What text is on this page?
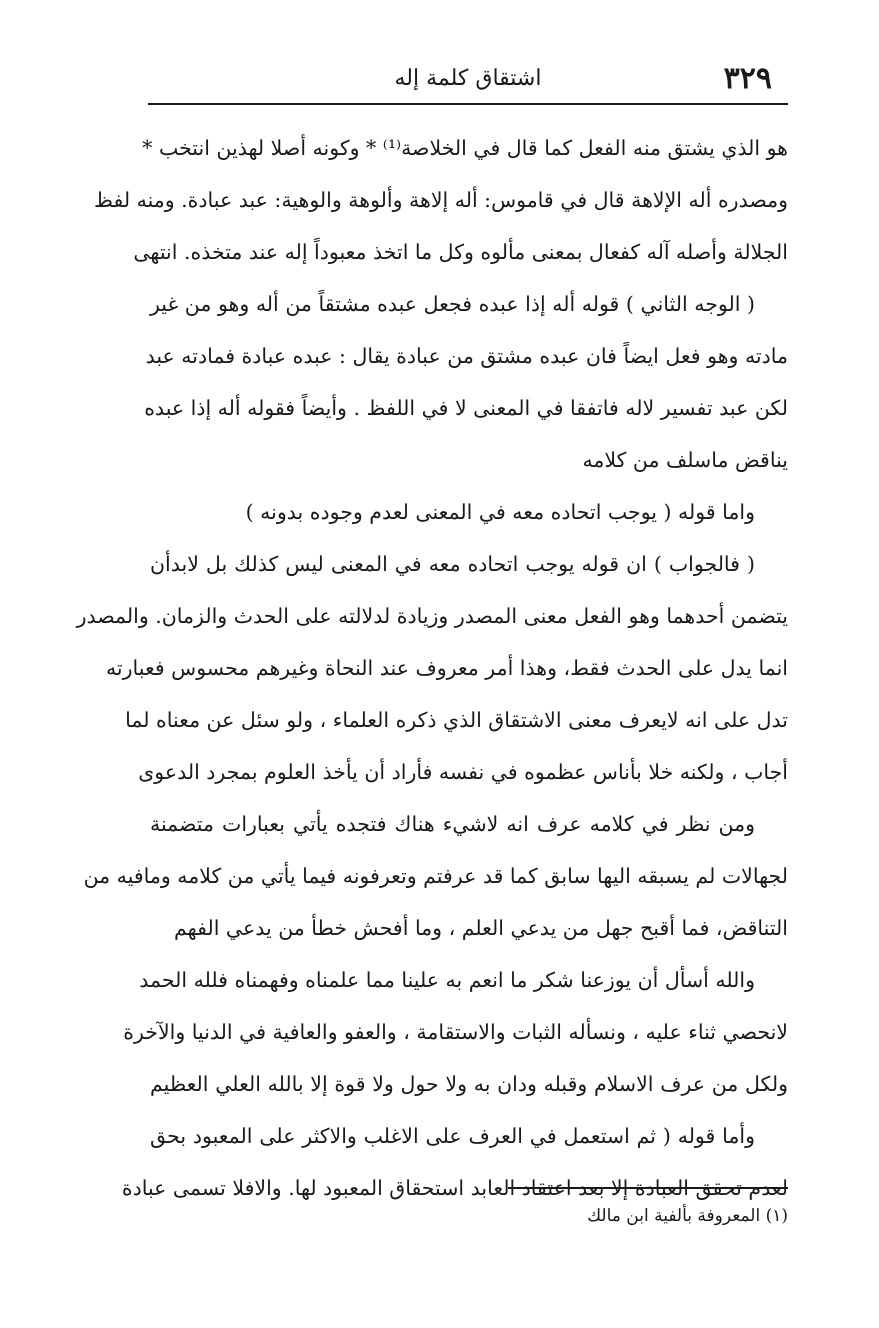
٣٢٩
اشتقاق كلمة إله
هو الذي يشتق منه الفعل كما قال في الخلاصة⁽¹⁾ * وكونه أصلا لهذين انتخب *
ومصدره أله الإلاهة قال في قاموس: أله إلاهة وألوهة والوهية: عبد عبادة. ومنه لفظ
الجلالة وأصله آله كفعال بمعنى مألوه وكل ما اتخذ معبوداً إله عند متخذه. انتهى
( الوجه الثاني ) قوله أله إذا عبده فجعل عبده مشتقاً من أله وهو من غير
مادته وهو فعل ايضاً فان عبده مشتق من عبادة يقال : عبده عبادة فمادته عبد
لكن عبد تفسير لاله فاتفقا في المعنى لا في اللفظ . وأيضاً فقوله أله إذا عبده
يناقض ماسلف من كلامه
واما قوله ( يوجب اتحاده معه في المعنى لعدم وجوده بدونه )
( فالجواب ) ان قوله يوجب اتحاده معه في المعنى ليس كذلك بل لابدأن
يتضمن أحدهما وهو الفعل معنى المصدر وزيادة لدلالته على الحدث والزمان. والمصدر
انما يدل على الحدث فقط، وهذا أمر معروف عند النحاة وغيرهم محسوس فعبارته
تدل على انه لايعرف معنى الاشتقاق الذي ذكره العلماء ، ولو سئل عن معناه لما
أجاب ، ولكنه خلا بأناس عظموه في نفسه فأراد أن يأخذ العلوم بمجرد الدعوى
ومن نظر في كلامه عرف انه لاشيء هناك فتجده يأتي بعبارات متضمنة
لجهالات لم يسبقه اليها سابق كما قد عرفتم وتعرفونه فيما يأتي من كلامه ومافيه من
التناقض، فما أقبح جهل من يدعي العلم ، وما أفحش خطأ من يدعي الفهم
والله أسأل أن يوزعنا شكر ما انعم به علينا مما علمناه وفهمناه فلله الحمد
لانحصي ثناء عليه ، ونسأله الثبات والاستقامة ، والعفو والعافية في الدنيا والآخرة
ولكل من عرف الاسلام وقبله ودان به ولا حول ولا قوة إلا بالله العلي العظيم
وأما قوله ( ثم استعمل في العرف على الاغلب والاكثر على المعبود بحق
لعدم تحقق العبادة إلا بعد اعتقاد العابد استحقاق المعبود لها. والافلا تسمى عبادة
(١) المعروفة بألفية ابن مالك
